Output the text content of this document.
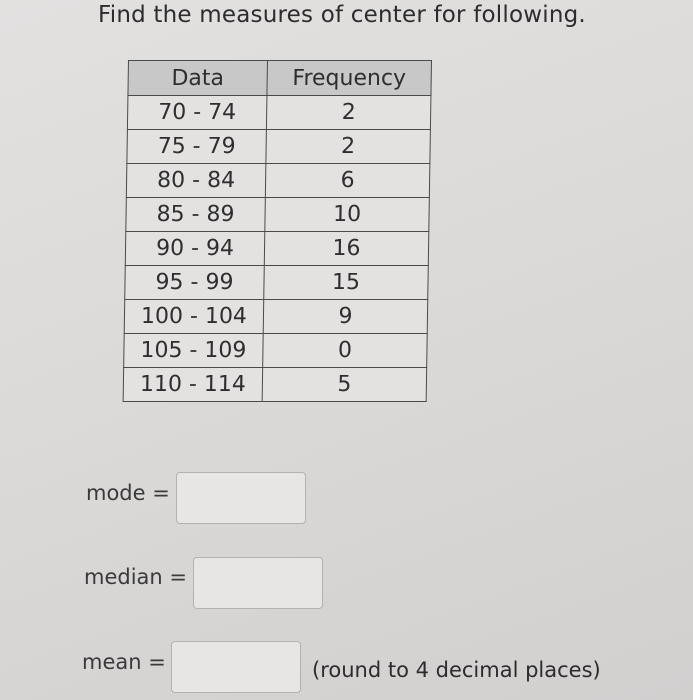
Find the measures of center for following.
Data	Frequency
70 - 74	2
75 - 79	2
80 - 84	6
85 - 89	10
90 - 94	16
95 - 99	15
100 - 104	9
105 - 109	0
110 - 114	5
mode =
median =
mean =	(round to 4 decimal places)
